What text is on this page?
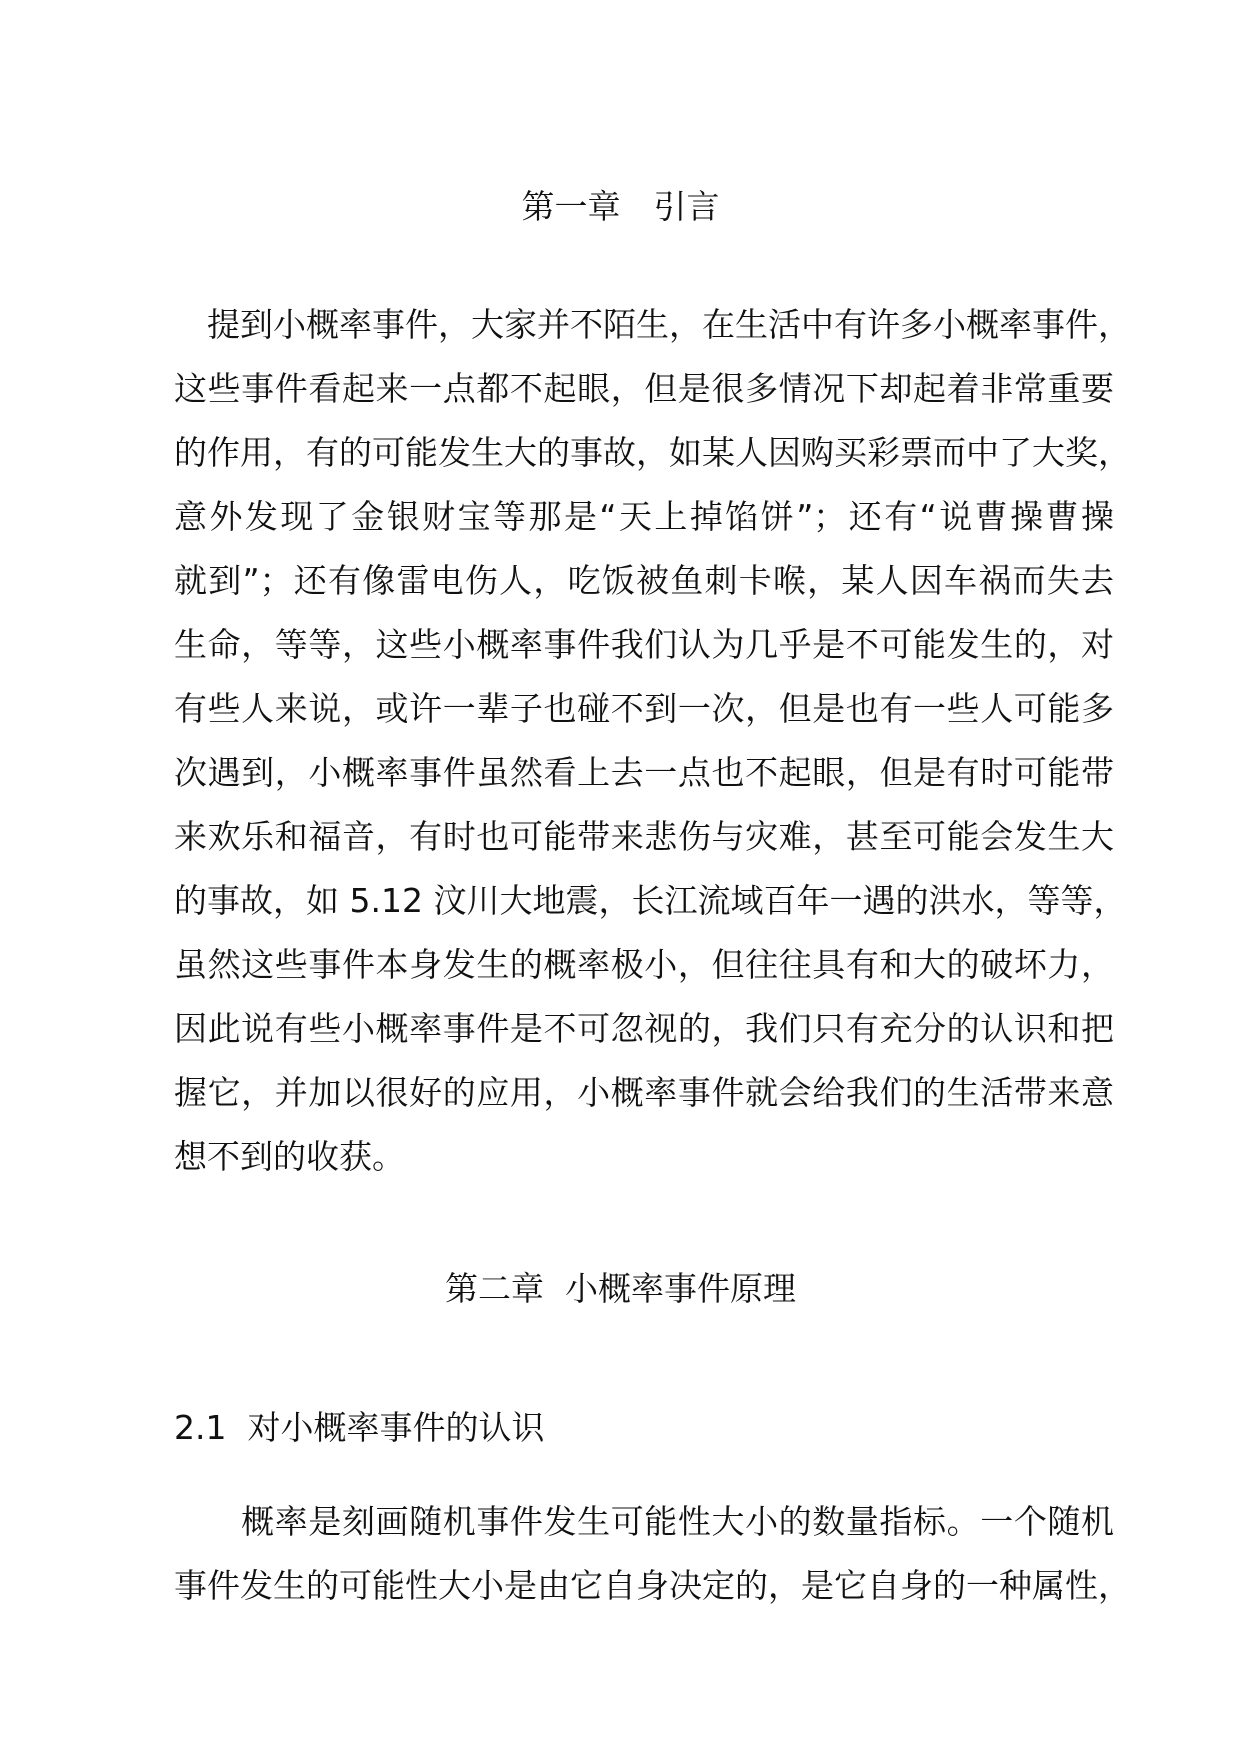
第一章　引言
　提到小概率事件，大家并不陌生，在生活中有许多小概率事件，
这些事件看起来一点都不起眼，但是很多情况下却起着非常重要
的作用，有的可能发生大的事故，如某人因购买彩票而中了大奖，
意外发现了金银财宝等那是“天上掉馅饼”；还有“说曹操曹操
就到”；还有像雷电伤人，吃饭被鱼刺卡喉，某人因车祸而失去
生命，等等，这些小概率事件我们认为几乎是不可能发生的，对
有些人来说，或许一辈子也碰不到一次，但是也有一些人可能多
次遇到，小概率事件虽然看上去一点也不起眼，但是有时可能带
来欢乐和福音，有时也可能带来悲伤与灾难，甚至可能会发生大
的事故，如 5.12 汶川大地震，长江流域百年一遇的洪水，等等，
虽然这些事件本身发生的概率极小，但往往具有和大的破坏力，
因此说有些小概率事件是不可忽视的，我们只有充分的认识和把
握它，并加以很好的应用，小概率事件就会给我们的生活带来意
想不到的收获。
第二章  小概率事件原理
2.1  对小概率事件的认识
　　概率是刻画随机事件发生可能性大小的数量指标。一个随机
事件发生的可能性大小是由它自身决定的，是它自身的一种属性，
